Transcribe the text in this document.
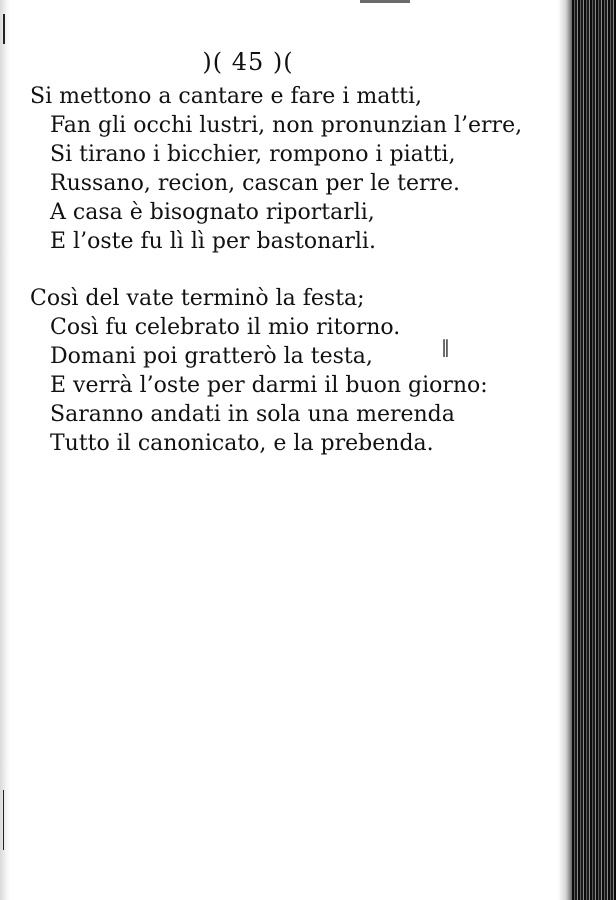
)( 45 )(
Si mettono a cantare e fare i matti,
Fan gli occhi lustri, non pronunzian l’erre,
Si tirano i bicchier, rompono i piatti,
Russano, recion, cascan per le terre.
A casa è bisognato riportarli,
E l’oste fu lì lì per bastonarli.
Così del vate terminò la festa;
Così fu celebrato il mio ritorno.
Domani poi gratterò la testa,
E verrà l’oste per darmi il buon giorno:
Saranno andati in sola una merenda
Tutto il canonicato, e la prebenda.
‖
